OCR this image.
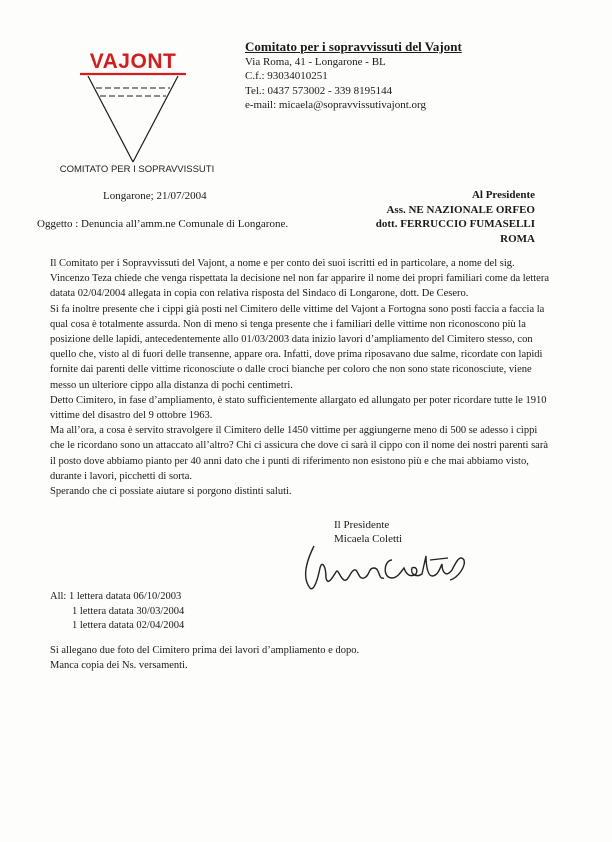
VAJONT
COMITATO PER I SOPRAVVISSUTI
Comitato per i sopravvissuti del Vajont
Via Roma, 41 - Longarone - BL
C.f.: 93034010251
Tel.: 0437 573002 - 339 8195144
e-mail: micaela@sopravvissutivajont.org
Longarone; 21/07/2004	Al Presidente
Ass. NE NAZIONALE ORFEO
dott. FERRUCCIO FUMASELLI
ROMA
Oggetto : Denuncia all’amm.ne Comunale di Longarone.

Il Comitato per i Sopravvissuti del Vajont, a nome e per conto dei suoi iscritti ed in particolare, a nome del sig. Vincenzo Teza chiede che venga rispettata la decisione nel non far apparire il nome dei propri familiari come da lettera datata 02/04/2004 allegata in copia con relativa risposta del Sindaco di Longarone, dott. De Cesero.

Si fa inoltre presente che i cippi già posti nel Cimitero delle vittime del Vajont a Fortogna sono posti faccia a faccia la qual cosa è totalmente assurda. Non di meno si tenga presente che i familiari delle vittime non riconoscono più la posizione delle lapidi, antecedentemente allo 01/03/2003 data inizio lavori d’ampliamento del Cimitero stesso, con quello che, visto al di fuori delle transenne, appare ora. Infatti, dove prima riposavano due salme, ricordate con lapidi fornite dai parenti delle vittime riconosciute o dalle croci bianche per coloro che non sono state riconosciute, viene messo un ulteriore cippo alla distanza di pochi centimetri.

Detto Cimitero, in fase d’ampliamento, è stato sufficientemente allargato ed allungato per poter ricordare tutte le 1910 vittime del disastro del 9 ottobre 1963.

Ma all’ora, a cosa è servito stravolgere il Cimitero delle 1450 vittime per aggiungerne meno di 500 se adesso i cippi che le ricordano sono un attaccato all’altro? Chi ci assicura che dove ci sarà il cippo con il nome dei nostri parenti sarà il posto dove abbiamo pianto per 40 anni dato che i punti di riferimento non esistono più e che mai abbiamo visto, durante i lavori, picchetti di sorta.

Sperando che ci possiate aiutare si porgono distinti saluti.

Il Presidente
Micaela Coletti
All: 1 lettera datata 06/10/2003
1 lettera datata 30/03/2004
1 lettera datata 02/04/2004
Si allegano due foto del Cimitero prima dei lavori d’ampliamento e dopo.
Manca copia dei Ns. versamenti.
